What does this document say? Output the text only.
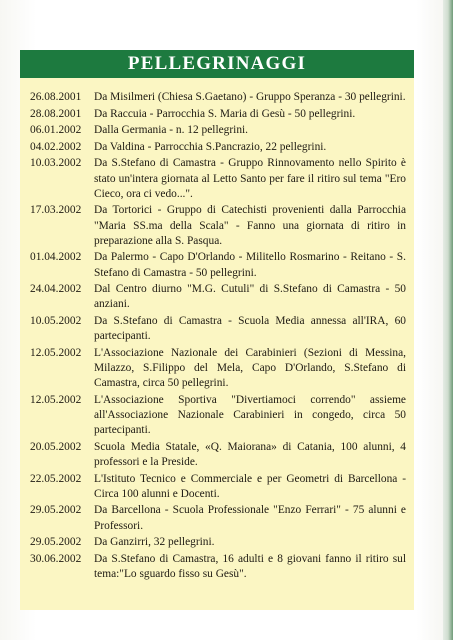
PELLEGRINAGGI
26.08.2001	Da Misilmeri (Chiesa S.Gaetano) - Gruppo Speranza - 30 pellegrini.
28.08.2001	Da Raccuia - Parrocchia S. Maria di Gesù - 50 pellegrini.
06.01.2002	Dalla Germania - n. 12 pellegrini.
04.02.2002	Da Valdina - Parrocchia S.Pancrazio, 22 pellegrini.
10.03.2002	Da S.Stefano di Camastra - Gruppo Rinnovamento nello Spirito è stato un'intera giornata al Letto Santo per fare il ritiro sul tema "Ero Cieco, ora ci vedo...".
17.03.2002	Da Tortorici - Gruppo di Catechisti provenienti dalla Parrocchia "Maria SS.ma della Scala" - Fanno una giornata di ritiro in preparazione alla S. Pasqua.
01.04.2002	Da Palermo - Capo D'Orlando - Militello Rosmarino - Reitano - S. Stefano di Camastra - 50 pellegrini.
24.04.2002	Dal Centro diurno "M.G. Cutuli" di S.Stefano di Camastra - 50 anziani.
10.05.2002	Da S.Stefano di Camastra - Scuola Media annessa all'IRA, 60 partecipanti.
12.05.2002	L'Associazione Nazionale dei Carabinieri (Sezioni di Messina, Milazzo, S.Filippo del Mela, Capo D'Orlando, S.Stefano di Camastra, circa 50 pellegrini.
12.05.2002	L'Associazione Sportiva "Divertiamoci correndo" assieme all'Associazione Nazionale Carabinieri in congedo, circa 50 partecipanti.
20.05.2002	Scuola Media Statale, «Q. Maiorana» di Catania, 100 alunni, 4 professori e la Preside.
22.05.2002	L'Istituto Tecnico e Commerciale e per Geometri di Barcellona - Circa 100 alunni e Docenti.
29.05.2002	Da Barcellona - Scuola Professionale "Enzo Ferrari" - 75 alunni e Professori.
29.05.2002	Da Ganzirri, 32 pellegrini.
30.06.2002	Da S.Stefano di Camastra, 16 adulti e 8 giovani fanno il ritiro sul tema:"Lo sguardo fisso su Gesù".
